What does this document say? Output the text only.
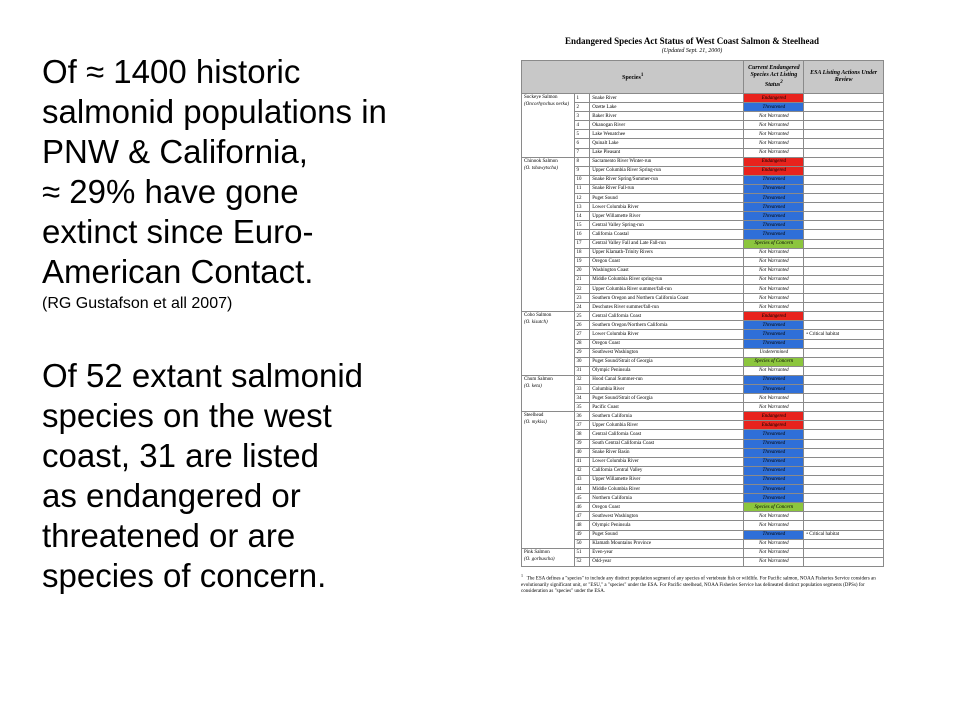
Of ≈ 1400 historic
salmonid populations in
PNW & California,
≈ 29% have gone
extinct since Euro-
American Contact.

(RG Gustafson et all 2007)

Of 52 extant salmonid
species on the west
coast, 31 are listed
as endangered or
threatened or are
species of concern.

Endangered Species Act Status of West Coast Salmon & Steelhead

(Updated Sept. 21, 2000)

Species$^1$			Current Endangered Species Act Listing Status$^2$	ESA Listing Actions Under Review
Sockeye Salmon
(Oncorhynchus nerka)	1	Snake River	Endangered	
	2	Ozette Lake	Threatened	
	3	Baker River	Not Warranted	
	4	Okanogan River	Not Warranted	
	5	Lake Wenatchee	Not Warranted	
	6	Quinalt Lake	Not Warranted	
	7	Lake Pleasant	Not Warranted	
Chinook Salmon
(O. tshawytscha)	8	Sacramento River Winter-run	Endangered	
	9	Upper Columbia River Spring-run	Endangered	
	10	Snake River Spring/Summer-run	Threatened	
	11	Snake River Fall-run	Threatened	
	12	Puget Sound	Threatened	
	13	Lower Columbia River	Threatened	
	14	Upper Willamette River	Threatened	
	15	Central Valley Spring-run	Threatened	
	16	California Coastal	Threatened	
	17	Central Valley Fall and Late Fall-run	Species of Concern	
	18	Upper Klamath-Trinity Rivers	Not Warranted	
	19	Oregon Coast	Not Warranted	
	20	Washington Coast	Not Warranted	
	21	Middle Columbia River spring-run	Not Warranted	
	22	Upper Columbia River summer/fall-run	Not Warranted	
	23	Southern Oregon and Northern California Coast	Not Warranted	
	24	Deschutes River summer/fall-run	Not Warranted	
Coho Salmon
(O. kisutch)	25	Central California Coast	Endangered	
	26	Southern Oregon/Northern California	Threatened	
	27	Lower Columbia River	Threatened	• Critical habitat
	28	Oregon Coast	Threatened	
	29	Southwest Washington	Undetermined	
	30	Puget Sound/Strait of Georgia	Species of Concern	
	31	Olympic Peninsula	Not Warranted	
Chum Salmon
(O. keta)	32	Hood Canal Summer-run	Threatened	
	33	Columbia River	Threatened	
	34	Puget Sound/Strait of Georgia	Not Warranted	
	35	Pacific Coast	Not Warranted	
Steelhead
(O. mykiss)	36	Southern California	Endangered	
	37	Upper Columbia River	Endangered	
	38	Central California Coast	Threatened	
	39	South Central California Coast	Threatened	
	40	Snake River Basin	Threatened	
	41	Lower Columbia River	Threatened	
	42	California Central Valley	Threatened	
	43	Upper Willamette River	Threatened	
	44	Middle Columbia River	Threatened	
	45	Northern California	Threatened	
	46	Oregon Coast	Species of Concern	
	47	Southwest Washington	Not Warranted	
	48	Olympic Peninsula	Not Warranted	
	49	Puget Sound	Threatened	• Critical habitat
	50	Klamath Mountains Province	Not Warranted	
Pink Salmon
(O. gorbuscha)	51	Even-year	Not Warranted	
	52	Odd-year	Not Warranted	
$^1$   The ESA defines a "species" to include any distinct population segment of any species of vertebrate fish or wildlife. For Pacific salmon, NOAA Fisheries Service considers an evolutionarily significant unit, or "ESU," a "species" under the ESA. For Pacific steelhead, NOAA Fisheries Service has delineated distinct population segments (DPSs) for consideration as "species" under the ESA.
